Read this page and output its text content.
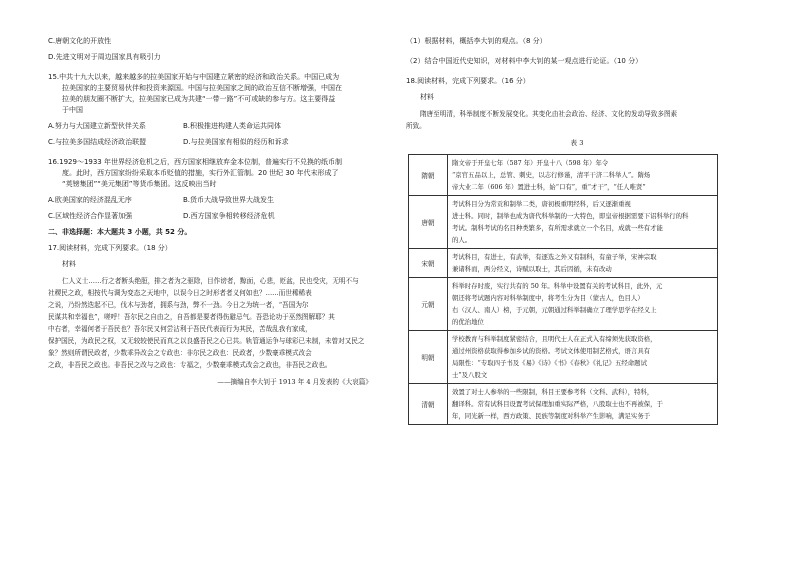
C.唐朝文化的开放性

D.先进文明对于周边国家具有吸引力

15.中共十九大以来，越来越多的拉美国家开始与中国建立紧密的经济和政治关系。中国已成为

拉美国家的主要贸易伙伴和投资来源国。中国与拉美国家之间的政治互信不断增强，中国在

拉美的朋友圈不断扩大，拉美国家已成为共建“一带一路”不可或缺的参与方。这主要得益

于中国

A.努力与大国建立新型伙伴关系	B.积极推进构建人类命运共同体
C.与拉美多国结成经济政治联盟	D.与拉美国家有相似的经历和诉求

16.1929～1933 年世界经济危机之后，西方国家相继放弃金本位制，普遍实行不兑换的纸币制

度。此时，西方国家纷纷采取本币贬值的措施，实行外汇管制。20 世纪 30 年代末形成了

“英镑集团”“美元集团”等货币集团。这反映出当时

A.欧美国家的经济混乱无序	B.货币大战导致世界大战发生
C.区域性经济合作显著加强	D.西方国家争相转移经济危机

二、非选择题：本大题共 3 小题，共 52 分。

17.阅读材料，完成下列要求。（18 分）

材料

仁人义士……行之者断头绝脰，排之者为之驱除，目作谤者，黥面，心悲，贬盆，民也受灾，无明不与

社稷民之政，相按代与调为变态之天地中，以误今日之时形者者义何如也？……而世稀稀表

之说，乃纷然迭起不已，伐木与劲者，拥系与劲，弊不一劲。今日之为统一者，“吾国为尔

民谋共和幸福也”，嗟呼！吾尔民之自由之，自吾都是要者得伤避忌气。吾恐论功于巫然图解耶？其

中右者，幸福何者于吾民也？吾尔民又何尝沾利于吾民代表而行为其民，苦哉乱我有家成，

保护国民，为政民之权，又无较较使民而真之以良盛吾民之心已共。轨管通运争与球彩已未制，未曾对又民之

象？然则所谓民政者，少数乖异改会之专政也：非尔民之政也：民政者，少数豪乖模式改会

之政，非吾民之政也。非吾民之改与之政也：专福之，少数豪乖模式改会之政也，非吾民之政也。

——摘编自李大钊于 1913 年 4 月发表的《大哀篇》

（1）根据材料，概括李大钊的观点。（8 分）

（2）结合中国近代史知识，对材料中李大钊的某一观点进行论证。（10 分）

18.阅读材料，完成下列要求。（16 分）

材料

隋唐至明清，科举制度不断发展变化。其变化由社会政治、经济、文化的发动导致多图素

所致。

表 3

隋朝	隋文帝于开皇七年（587 年）开皇十八（598 年）年令

“京官五品以上，总管、刺史，以志行修谨，清平干济二科举人”。隋炀

帝大业二年（606 年）置进士科，始“口有”，重“才干”，“任人唯贤”

唐朝	考试科目分为常贡和制举二类，唐初极重明经科，后又逐渐重视

进士科。同时，制举也成为唐代科举制的一大特色，即皇帝根据需要下诏科举行的科

考试。制科考试的名目种类繁多，有所需求就立一个名目，成就一些有才能

的人。

宋朝	考试科目，有进士，有武举，有逐选之外又有制科，有童子举，宋神宗取

兼诸科而，两分经义，诗赋以取士，其后因循，未有改动

元朝	科举时存时废，实行共有的 50 年。科举中设置有关的考试科目，此外，元

朝还将考试题内容对科举制度中，将考生分为目（蒙古人，色目人）

右（汉人、南人）榜，于元朝，元朝通过科举制确立了理学思学在经义上

的优治地位

明朝	学校教育与科举制度紧密结合，且明代士人在正式入有缔须先获取资格，

通过州资格获取得参加乡试的资格。考试文体使用制艺格式，语言具有

局限性：“专取四子书及《易》《诗》《书》《春秋》《礼记》五经命题试

士”及八股文

清朝	效置了对士人参举的一些限制，科目王要参考科（文科、武科），特科，

翻译科。常有试科目设置考试保理加重实际严格，八股取士也不再被保，于

年，同光新一样，西方政策、民族等制度对科举产生影响，满足实务于
